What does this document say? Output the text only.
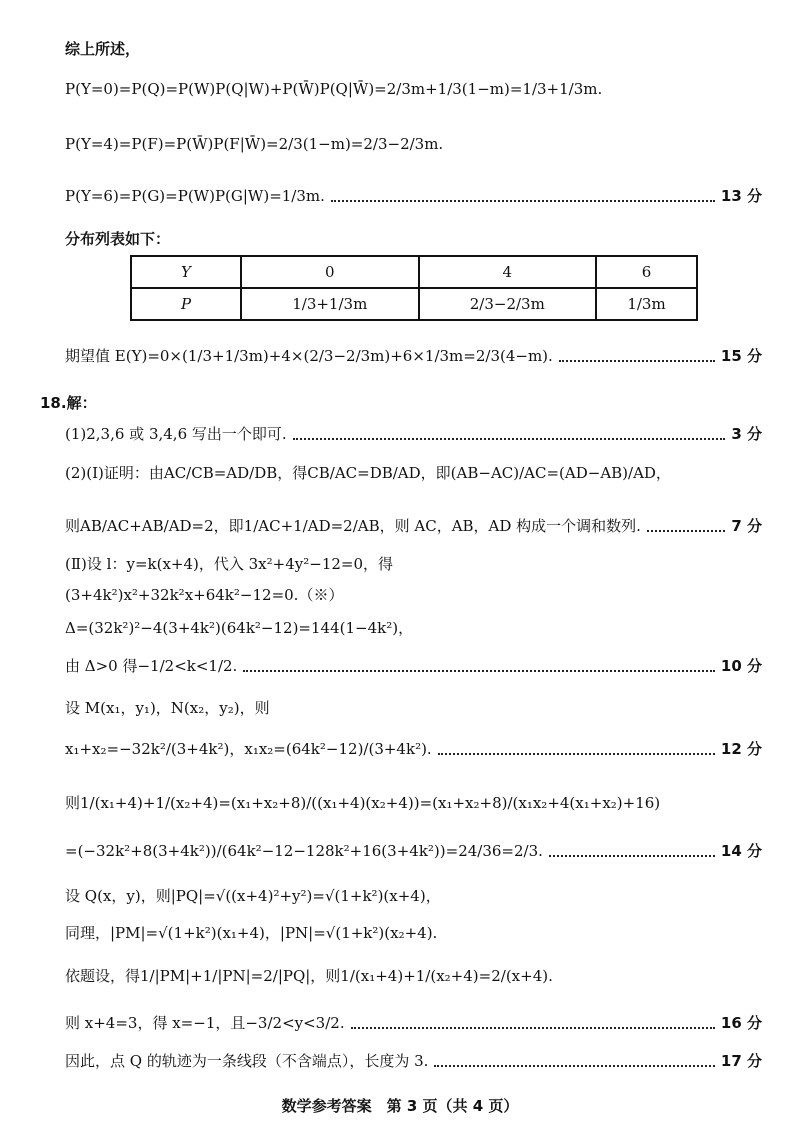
综上所述，
P(Y=0)=P(Q)=P(W)P(Q|W)+P(W̄)P(Q|W̄)=2/3m+1/3(1−m)=1/3+1/3m.
P(Y=4)=P(F)=P(W̄)P(F|W̄)=2/3(1−m)=2/3−2/3m.
P(Y=6)=P(G)=P(W)P(G|W)=1/3m.	13 分
分布列表如下：
Y	0	4	6
P	1/3+1/3m	2/3−2/3m	1/3m
期望值 E(Y)=0×(1/3+1/3m)+4×(2/3−2/3m)+6×1/3m=2/3(4−m).	15 分
18.解：
(1)2,3,6 或 3,4,6 写出一个即可.	3 分
(2)(Ⅰ)证明：由AC/CB=AD/DB，得CB/AC=DB/AD，即(AB−AC)/AC=(AD−AB)/AD，
则AB/AC+AB/AD=2，即1/AC+1/AD=2/AB，则 AC，AB，AD 构成一个调和数列.	7 分
(Ⅱ)设 l：y=k(x+4)，代入 3x²+4y²−12=0，得
(3+4k²)x²+32k²x+64k²−12=0.（※）
Δ=(32k²)²−4(3+4k²)(64k²−12)=144(1−4k²)，
由 Δ>0 得−1/2<k<1/2.	10 分
设 M(x₁，y₁)，N(x₂，y₂)，则
x₁+x₂=−32k²/(3+4k²)，x₁x₂=(64k²−12)/(3+4k²).	12 分
则1/(x₁+4)+1/(x₂+4)=(x₁+x₂+8)/((x₁+4)(x₂+4))=(x₁+x₂+8)/(x₁x₂+4(x₁+x₂)+16)
=(−32k²+8(3+4k²))/(64k²−12−128k²+16(3+4k²))=24/36=2/3.	14 分
设 Q(x，y)，则|PQ|=√((x+4)²+y²)=√(1+k²)(x+4)，
同理，|PM|=√(1+k²)(x₁+4)，|PN|=√(1+k²)(x₂+4).
依题设，得1/|PM|+1/|PN|=2/|PQ|，则1/(x₁+4)+1/(x₂+4)=2/(x+4).
则 x+4=3，得 x=−1，且−3/2<y<3/2.	16 分
因此，点 Q 的轨迹为一条线段（不含端点），长度为 3.	17 分
数学参考答案　第 3 页（共 4 页）
